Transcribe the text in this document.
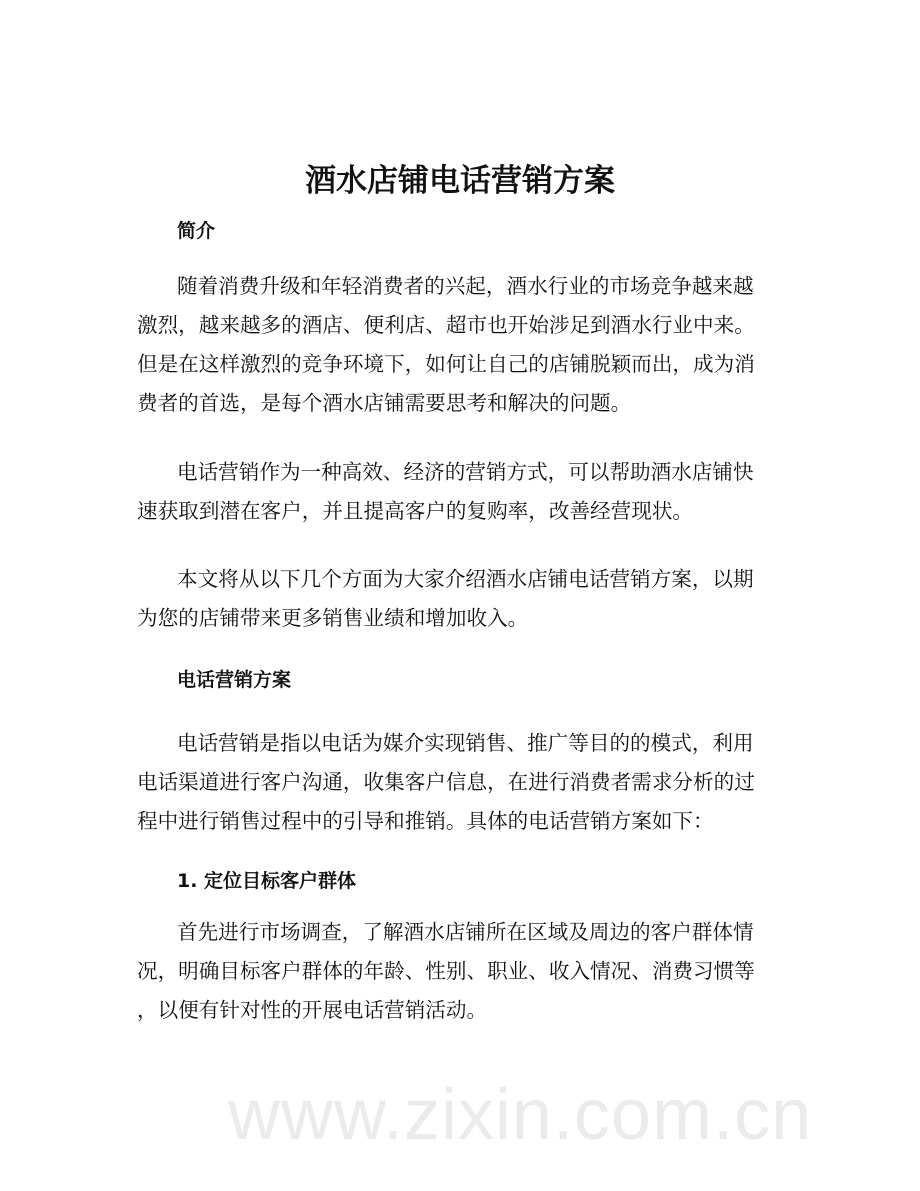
www.zixin.com.cn
酒水店铺电话营销方案
简介
随着消费升级和年轻消费者的兴起，酒水行业的市场竞争越来越
激烈，越来越多的酒店、便利店、超市也开始涉足到酒水行业中来。
但是在这样激烈的竞争环境下，如何让自己的店铺脱颖而出，成为消
费者的首选，是每个酒水店铺需要思考和解决的问题。
电话营销作为一种高效、经济的营销方式，可以帮助酒水店铺快
速获取到潜在客户，并且提高客户的复购率，改善经营现状。
本文将从以下几个方面为大家介绍酒水店铺电话营销方案，以期
为您的店铺带来更多销售业绩和增加收入。
电话营销方案
电话营销是指以电话为媒介实现销售、推广等目的的模式，利用
电话渠道进行客户沟通，收集客户信息，在进行消费者需求分析的过
程中进行销售过程中的引导和推销。具体的电话营销方案如下：
1. 定位目标客户群体
首先进行市场调查，了解酒水店铺所在区域及周边的客户群体情
况，明确目标客户群体的年龄、性别、职业、收入情况、消费习惯等
，以便有针对性的开展电话营销活动。
